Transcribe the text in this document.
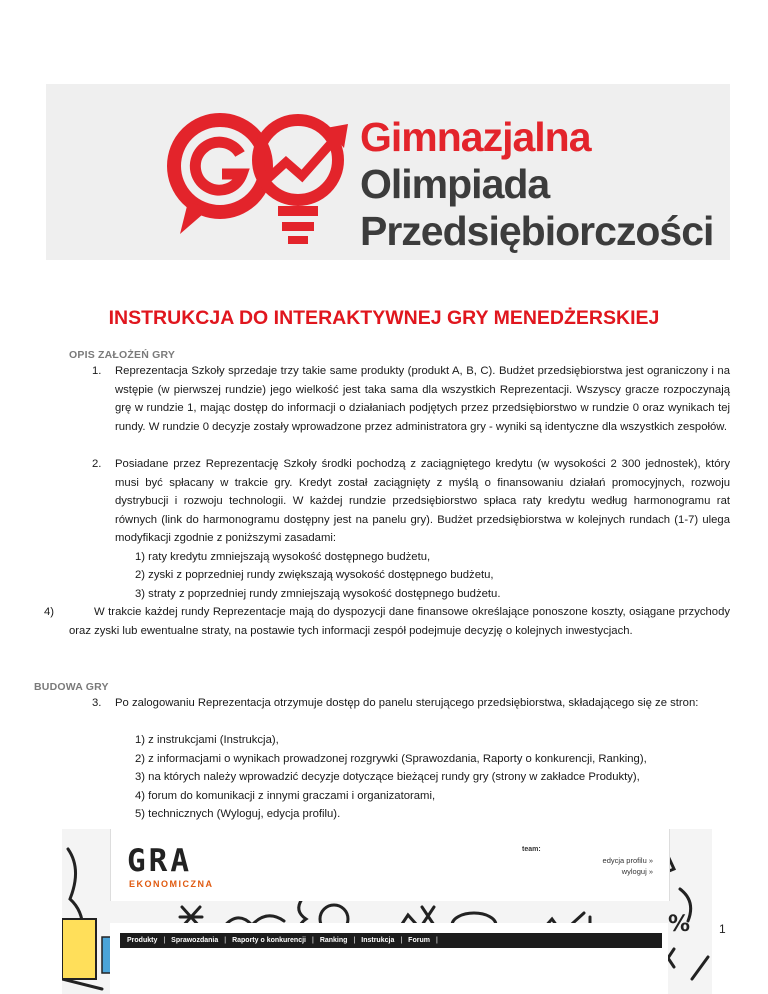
Gimnazjalna
Olimpiada
Przedsiębiorczości
INSTRUKCJA DO INTERAKTYWNEJ GRY MENEDŻERSKIEJ
OPIS ZAŁOŻEŃ GRY
1. Reprezentacja Szkoły sprzedaje trzy takie same produkty (produkt A, B, C). Budżet przedsiębiorstwa jest ograniczony i na wstępie (w pierwszej rundzie) jego wielkość jest taka sama dla wszystkich Reprezentacji. Wszyscy gracze rozpoczynają grę w rundzie 1, mając dostęp do informacji o działaniach podjętych przez przedsiębiorstwo w rundzie 0 oraz wynikach tej rundy. W rundzie 0 decyzje zostały wprowadzone przez administratora gry - wyniki są identyczne dla wszystkich zespołów.
2. Posiadane przez Reprezentację Szkoły środki pochodzą z zaciągniętego kredytu (w wysokości 2 300 jednostek), który musi być spłacany w trakcie gry. Kredyt został zaciągnięty z myślą o finansowaniu działań promocyjnych, rozwoju dystrybucji i rozwoju technologii. W każdej rundzie przedsiębiorstwo spłaca raty kredytu według harmonogramu rat równych (link do harmonogramu dostępny jest na panelu gry). Budżet przedsiębiorstwa w kolejnych rundach (1-7) ulega modyfikacji zgodnie z poniższymi zasadami:
1) raty kredytu zmniejszają wysokość dostępnego budżetu,
2) zyski z poprzedniej rundy zwiększają wysokość dostępnego budżetu,
3) straty z poprzedniej rundy zmniejszają wysokość dostępnego budżetu.
4)	W trakcie każdej rundy Reprezentacje mają do dyspozycji dane finansowe określające ponoszone koszty, osiągane przychody oraz zyski lub ewentualne straty, na postawie tych informacji zespół podejmuje decyzję o kolejnych inwestycjach.
BUDOWA GRY
3. Po zalogowaniu Reprezentacja otrzymuje dostęp do panelu sterującego przedsiębiorstwa, składającego się ze stron:
1) z instrukcjami (Instrukcja),
2) z informacjami o wynikach prowadzonej rozgrywki (Sprawozdania, Raporty o konkurencji, Ranking),
3) na których należy wprowadzić decyzje dotyczące bieżącej rundy gry (strony w zakładce Produkty),
4) forum do komunikacji z innymi graczami i organizatorami,
5) technicznych (Wyloguj, edycja profilu).
%
GRA
EKONOMICZNA
team:
edycja profilu »
wyloguj »
Produkty | Sprawozdania | Raporty o konkurencji | Ranking | Instrukcja | Forum |
1
